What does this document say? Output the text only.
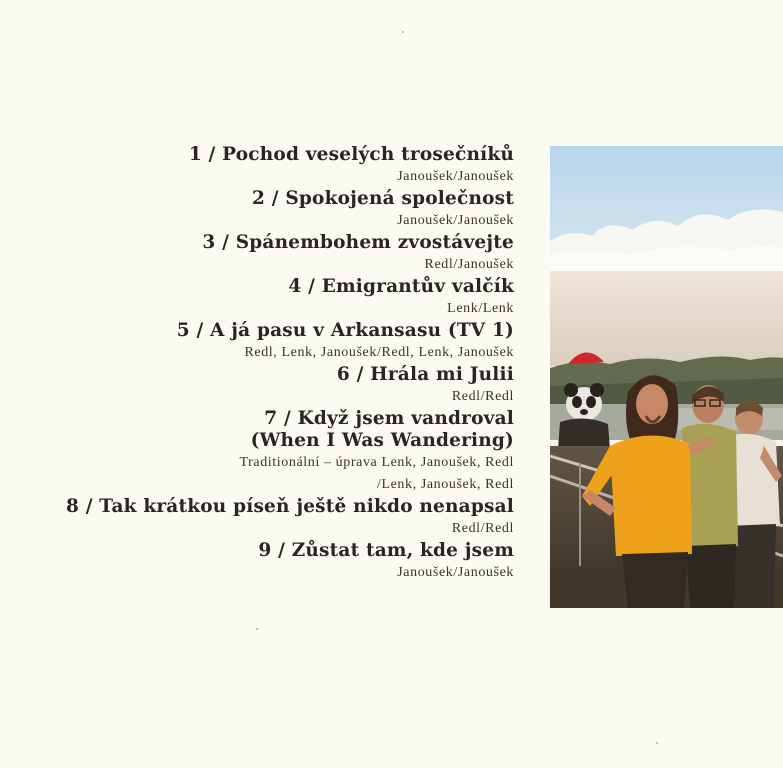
1 / Pochod veselých trosečníků
Janoušek/Janoušek
2 / Spokojená společnost
Janoušek/Janoušek
3 / Spánembohem zvostávejte
Redl/Janoušek
4 / Emigrantův valčík
Lenk/Lenk
5 / A já pasu v Arkansasu (TV 1)
Redl, Lenk, Janoušek/Redl, Lenk, Janoušek
6 / Hrála mi Julii
Redl/Redl
7 / Když jsem vandroval
(When I Was Wandering)
Traditionální – úprava Lenk, Janoušek, Redl
/Lenk, Janoušek, Redl
8 / Tak krátkou píseň ještě nikdo nenapsal
Redl/Redl
9 / Zůstat tam, kde jsem
Janoušek/Janoušek
